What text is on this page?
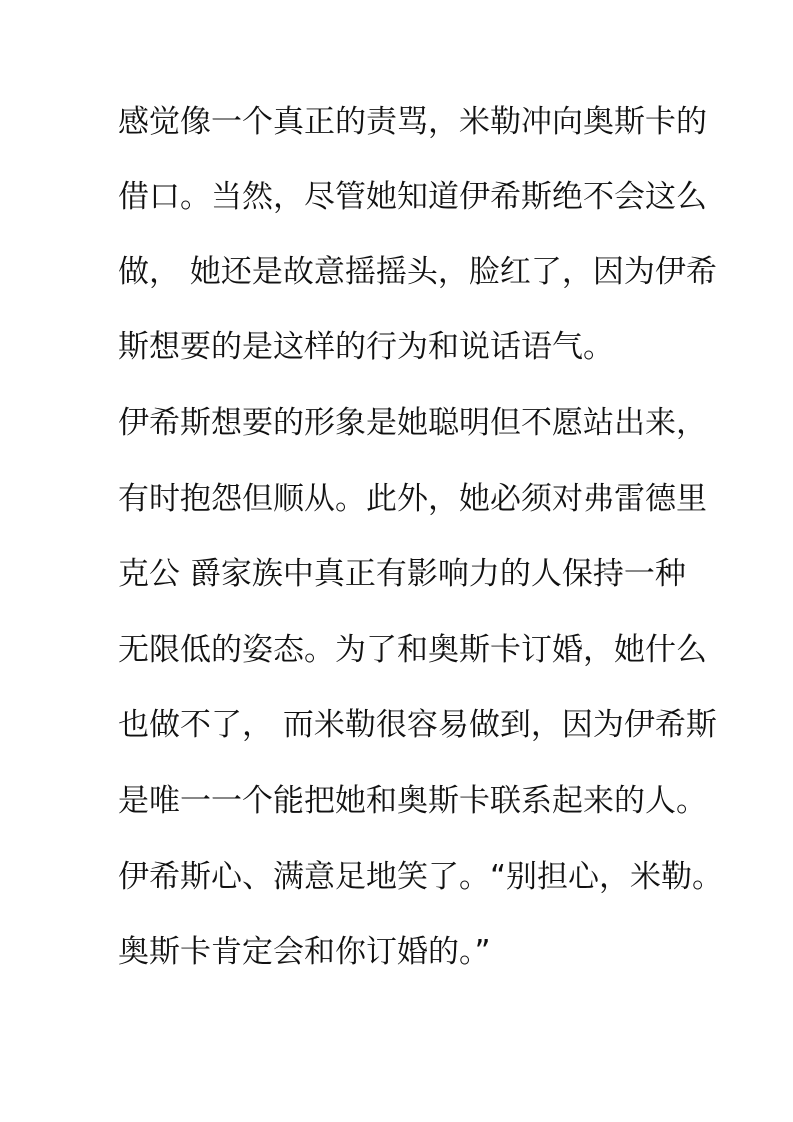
感觉像一个真正的责骂，米勒冲向奥斯卡的
借口。当然，尽管她知道伊希斯绝不会这么
做， 她还是故意摇摇头，脸红了，因为伊希
斯想要的是这样的行为和说话语气。
伊希斯想要的形象是她聪明但不愿站出来，
有时抱怨但顺从。此外，她必须对弗雷德里
克公 爵家族中真正有影响力的人保持一种
无限低的姿态。为了和奥斯卡订婚，她什么
也做不了， 而米勒很容易做到，因为伊希斯
是唯一一个能把她和奥斯卡联系起来的人。
伊希斯心、满意足地笑了。“别担心，米勒。
奥斯卡肯定会和你订婚的。”
